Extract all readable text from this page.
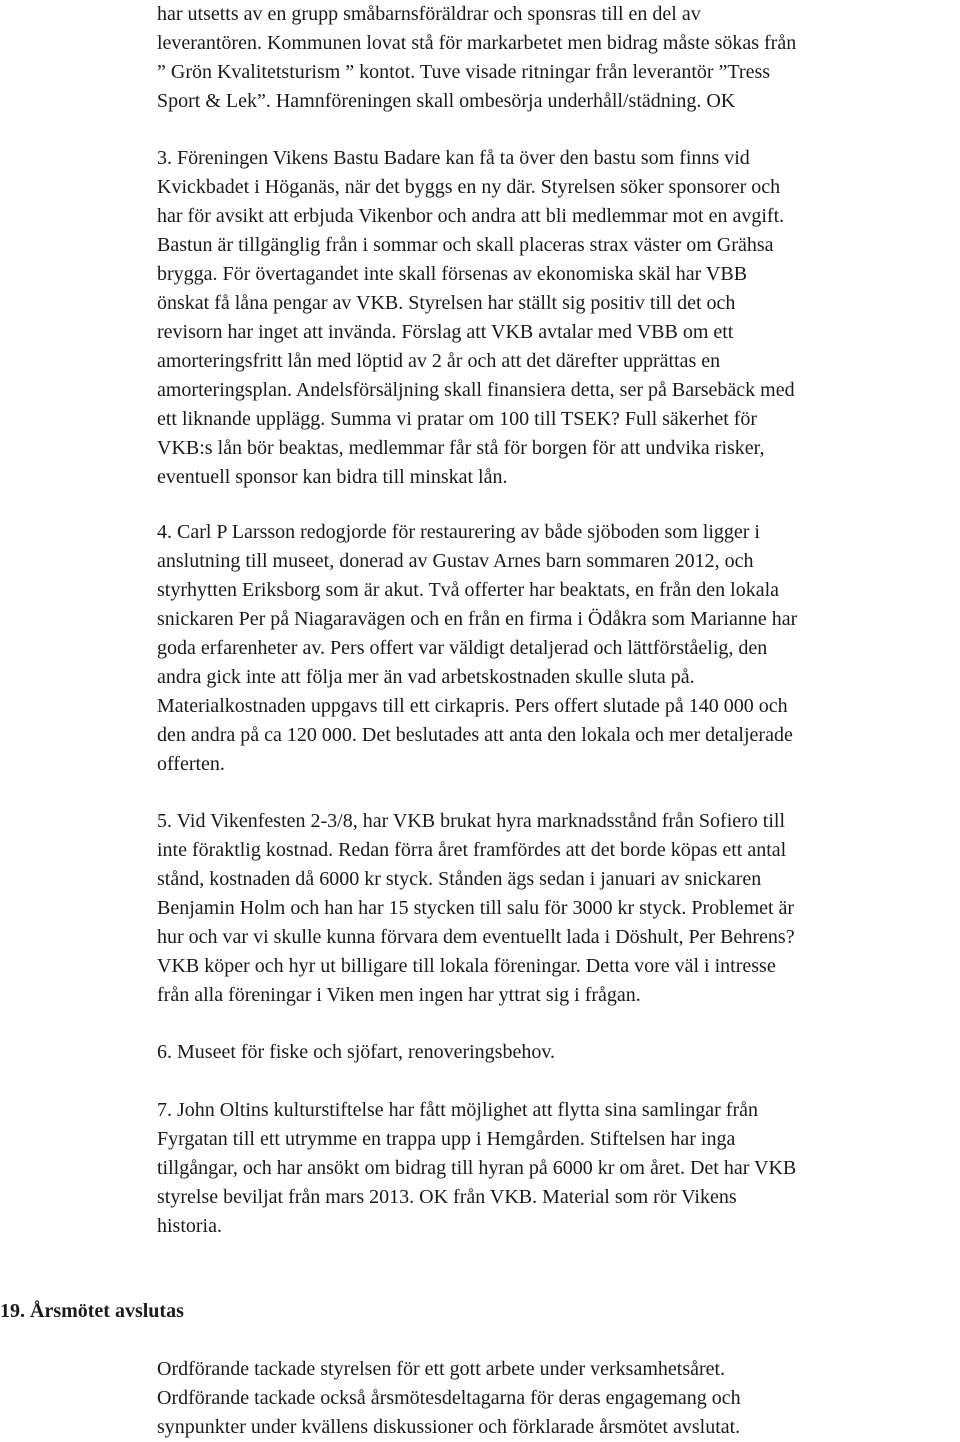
har utsetts av en grupp småbarnsföräldrar och sponsras till en del av
leverantören. Kommunen lovat stå för markarbetet men bidrag måste sökas från
” Grön Kvalitetsturism ” kontot. Tuve visade ritningar från leverantör ”Tress
Sport & Lek”. Hamnföreningen skall ombesörja underhåll/städning. OK
3. Föreningen Vikens Bastu Badare kan få ta över den bastu som finns vid
Kvickbadet i Höganäs, när det byggs en ny där. Styrelsen söker sponsorer och
har för avsikt att erbjuda Vikenbor och andra att bli medlemmar mot en avgift.
Bastun är tillgänglig från i sommar och skall placeras strax väster om Grähsa
brygga. För övertagandet inte skall försenas av ekonomiska skäl har VBB
önskat få låna pengar av VKB. Styrelsen har ställt sig positiv till det och
revisorn har inget att invända. Förslag att VKB avtalar med VBB om ett
amorteringsfritt lån med löptid av 2 år och att det därefter upprättas en
amorteringsplan. Andelsförsäljning skall finansiera detta, ser på Barsebäck med
ett liknande upplägg. Summa vi pratar om 100 till TSEK? Full säkerhet för
VKB:s lån bör beaktas, medlemmar får stå för borgen för att undvika risker,
eventuell sponsor kan bidra till minskat lån.
4. Carl P Larsson redogjorde för restaurering av både sjöboden som ligger i
anslutning till museet, donerad av Gustav Arnes barn sommaren 2012, och
styrhytten Eriksborg som är akut. Två offerter har beaktats, en från den lokala
snickaren Per på Niagaravägen och en från en firma i Ödåkra som Marianne har
goda erfarenheter av. Pers offert var väldigt detaljerad och lättförståelig, den
andra gick inte att följa mer än vad arbetskostnaden skulle sluta på.
Materialkostnaden uppgavs till ett cirkapris. Pers offert slutade på 140 000 och
den andra på ca 120 000. Det beslutades att anta den lokala och mer detaljerade
offerten.
5. Vid Vikenfesten 2-3/8, har VKB brukat hyra marknadsstånd från Sofiero till
inte föraktlig kostnad. Redan förra året framfördes att det borde köpas ett antal
stånd, kostnaden då 6000 kr styck. Stånden ägs sedan i januari av snickaren
Benjamin Holm och han har 15 stycken till salu för 3000 kr styck. Problemet är
hur och var vi skulle kunna förvara dem eventuellt lada i Döshult, Per Behrens?
VKB köper och hyr ut billigare till lokala föreningar. Detta vore väl i intresse
från alla föreningar i Viken men ingen har yttrat sig i frågan.
6. Museet för fiske och sjöfart, renoveringsbehov.
7. John Oltins kulturstiftelse har fått möjlighet att flytta sina samlingar från
Fyrgatan till ett utrymme en trappa upp i Hemgården. Stiftelsen har inga
tillgångar, och har ansökt om bidrag till hyran på 6000 kr om året. Det har VKB
styrelse beviljat från mars 2013. OK från VKB. Material som rör Vikens
historia.
19. Årsmötet avslutas
Ordförande tackade styrelsen för ett gott arbete under verksamhetsåret.
Ordförande tackade också årsmötesdeltagarna för deras engagemang och
synpunkter under kvällens diskussioner och förklarade årsmötet avslutat.
